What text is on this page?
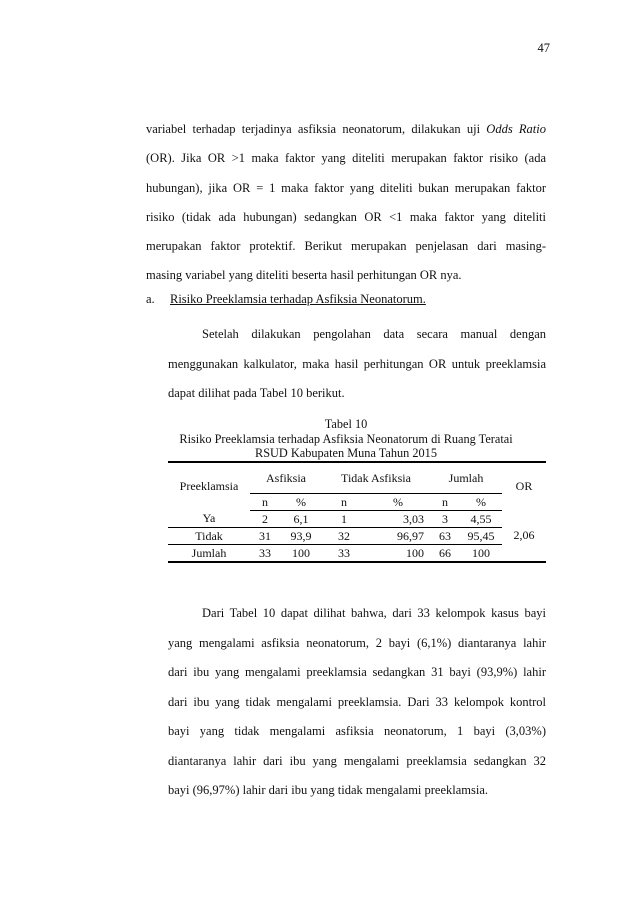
47

variabel terhadap terjadinya asfiksia neonatorum, dilakukan uji Odds Ratio
(OR). Jika OR >1 maka faktor yang diteliti merupakan faktor risiko (ada
hubungan), jika OR = 1 maka faktor yang diteliti bukan merupakan faktor
risiko (tidak ada hubungan) sedangkan OR <1 maka faktor yang diteliti
merupakan faktor protektif. Berikut merupakan penjelasan dari masing-
masing variabel yang diteliti beserta hasil perhitungan OR nya.

a. Risiko Preeklamsia terhadap Asfiksia Neonatorum.

Setelah dilakukan pengolahan data secara manual dengan
menggunakan kalkulator, maka hasil perhitungan OR untuk preeklamsia
dapat dilihat pada Tabel 10 berikut.

Tabel 10
Risiko Preeklamsia terhadap Asfiksia Neonatorum di Ruang Teratai
RSUD Kabupaten Muna Tahun 2015
Preeklamsia	Asfiksia		Tidak Asfiksia		Jumlah		OR
	n	%	n	%	n	%	
Ya	2	6,1	1	3,03	3	4,55	2,06
Tidak	31	93,9	32	96,97	63	95,45	
Jumlah	33	100	33	100	66	100	

Dari Tabel 10 dapat dilihat bahwa, dari 33 kelompok kasus bayi
yang mengalami asfiksia neonatorum, 2 bayi (6,1%) diantaranya lahir
dari ibu yang mengalami preeklamsia sedangkan 31 bayi (93,9%) lahir
dari ibu yang tidak mengalami preeklamsia. Dari 33 kelompok kontrol
bayi yang tidak mengalami asfiksia neonatorum, 1 bayi (3,03%)
diantaranya lahir dari ibu yang mengalami preeklamsia sedangkan 32
bayi (96,97%) lahir dari ibu yang tidak mengalami preeklamsia.
